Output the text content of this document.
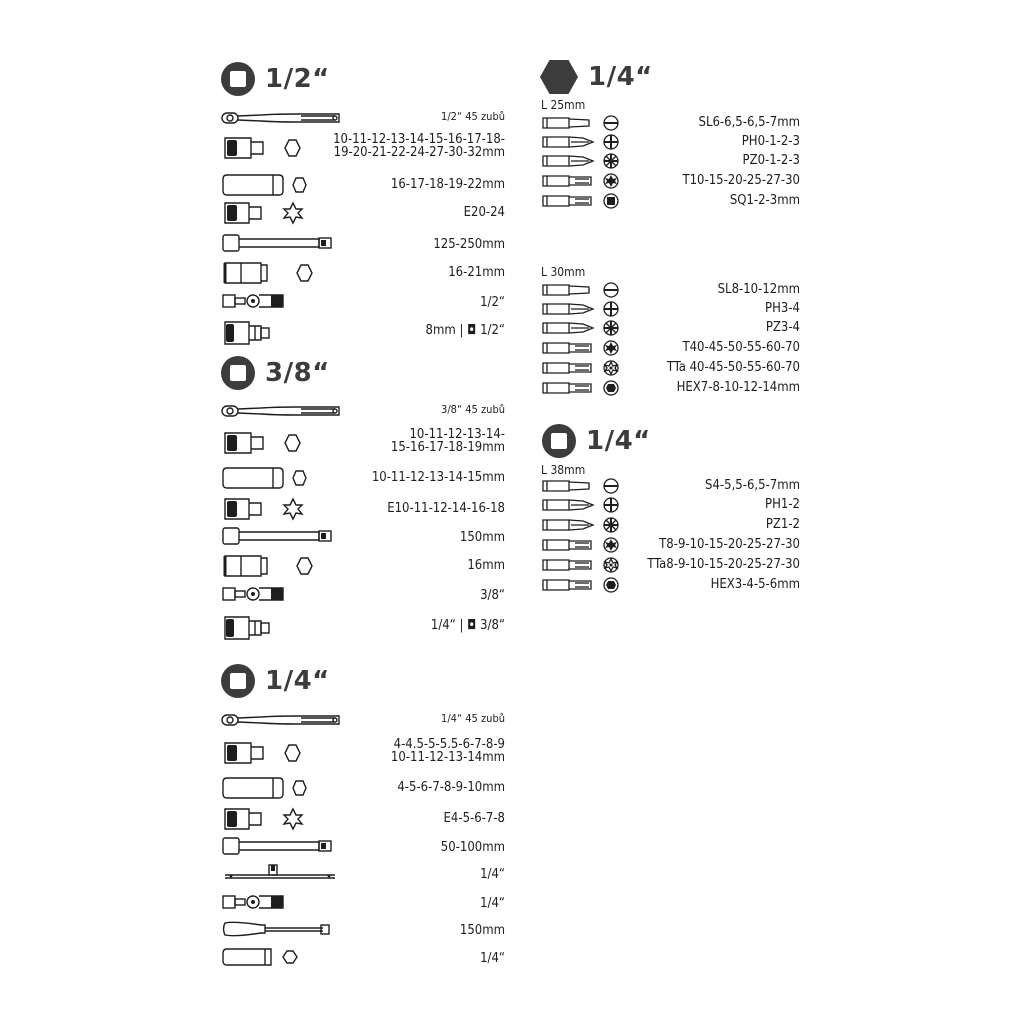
1/2“
3/8“
1/4“
1/4“
1/4“
1/2“ 45 zubů
10-11-12-13-14-15-16-17-18-
19-20-21-22-24-27-30-32mm
16-17-18-19-22mm
E20-24
125-250mm
16-21mm
1/2“
8mm | ◘ 1/2“
3/8“ 45 zubů
10-11-12-13-14-
15-16-17-18-19mm
10-11-12-13-14-15mm
E10-11-12-14-16-18
150mm
16mm
3/8“
1/4“ | ◘ 3/8“
1/4“ 45 zubů
4-4.5-5-5.5-6-7-8-9
10-11-12-13-14mm
4-5-6-7-8-9-10mm
E4-5-6-7-8
50-100mm
1/4“
1/4“
150mm
1/4“
L 25mm
L 30mm
L 38mm
SL6-6,5-6,5-7mm
PH0-1-2-3
PZ0-1-2-3
T10-15-20-25-27-30
SQ1-2-3mm
SL8-10-12mm
PH3-4
PZ3-4
T40-45-50-55-60-70
TTa 40-45-50-55-60-70
HEX7-8-10-12-14mm
S4-5,5-6,5-7mm
PH1-2
PZ1-2
T8-9-10-15-20-25-27-30
TTa8-9-10-15-20-25-27-30
HEX3-4-5-6mm
